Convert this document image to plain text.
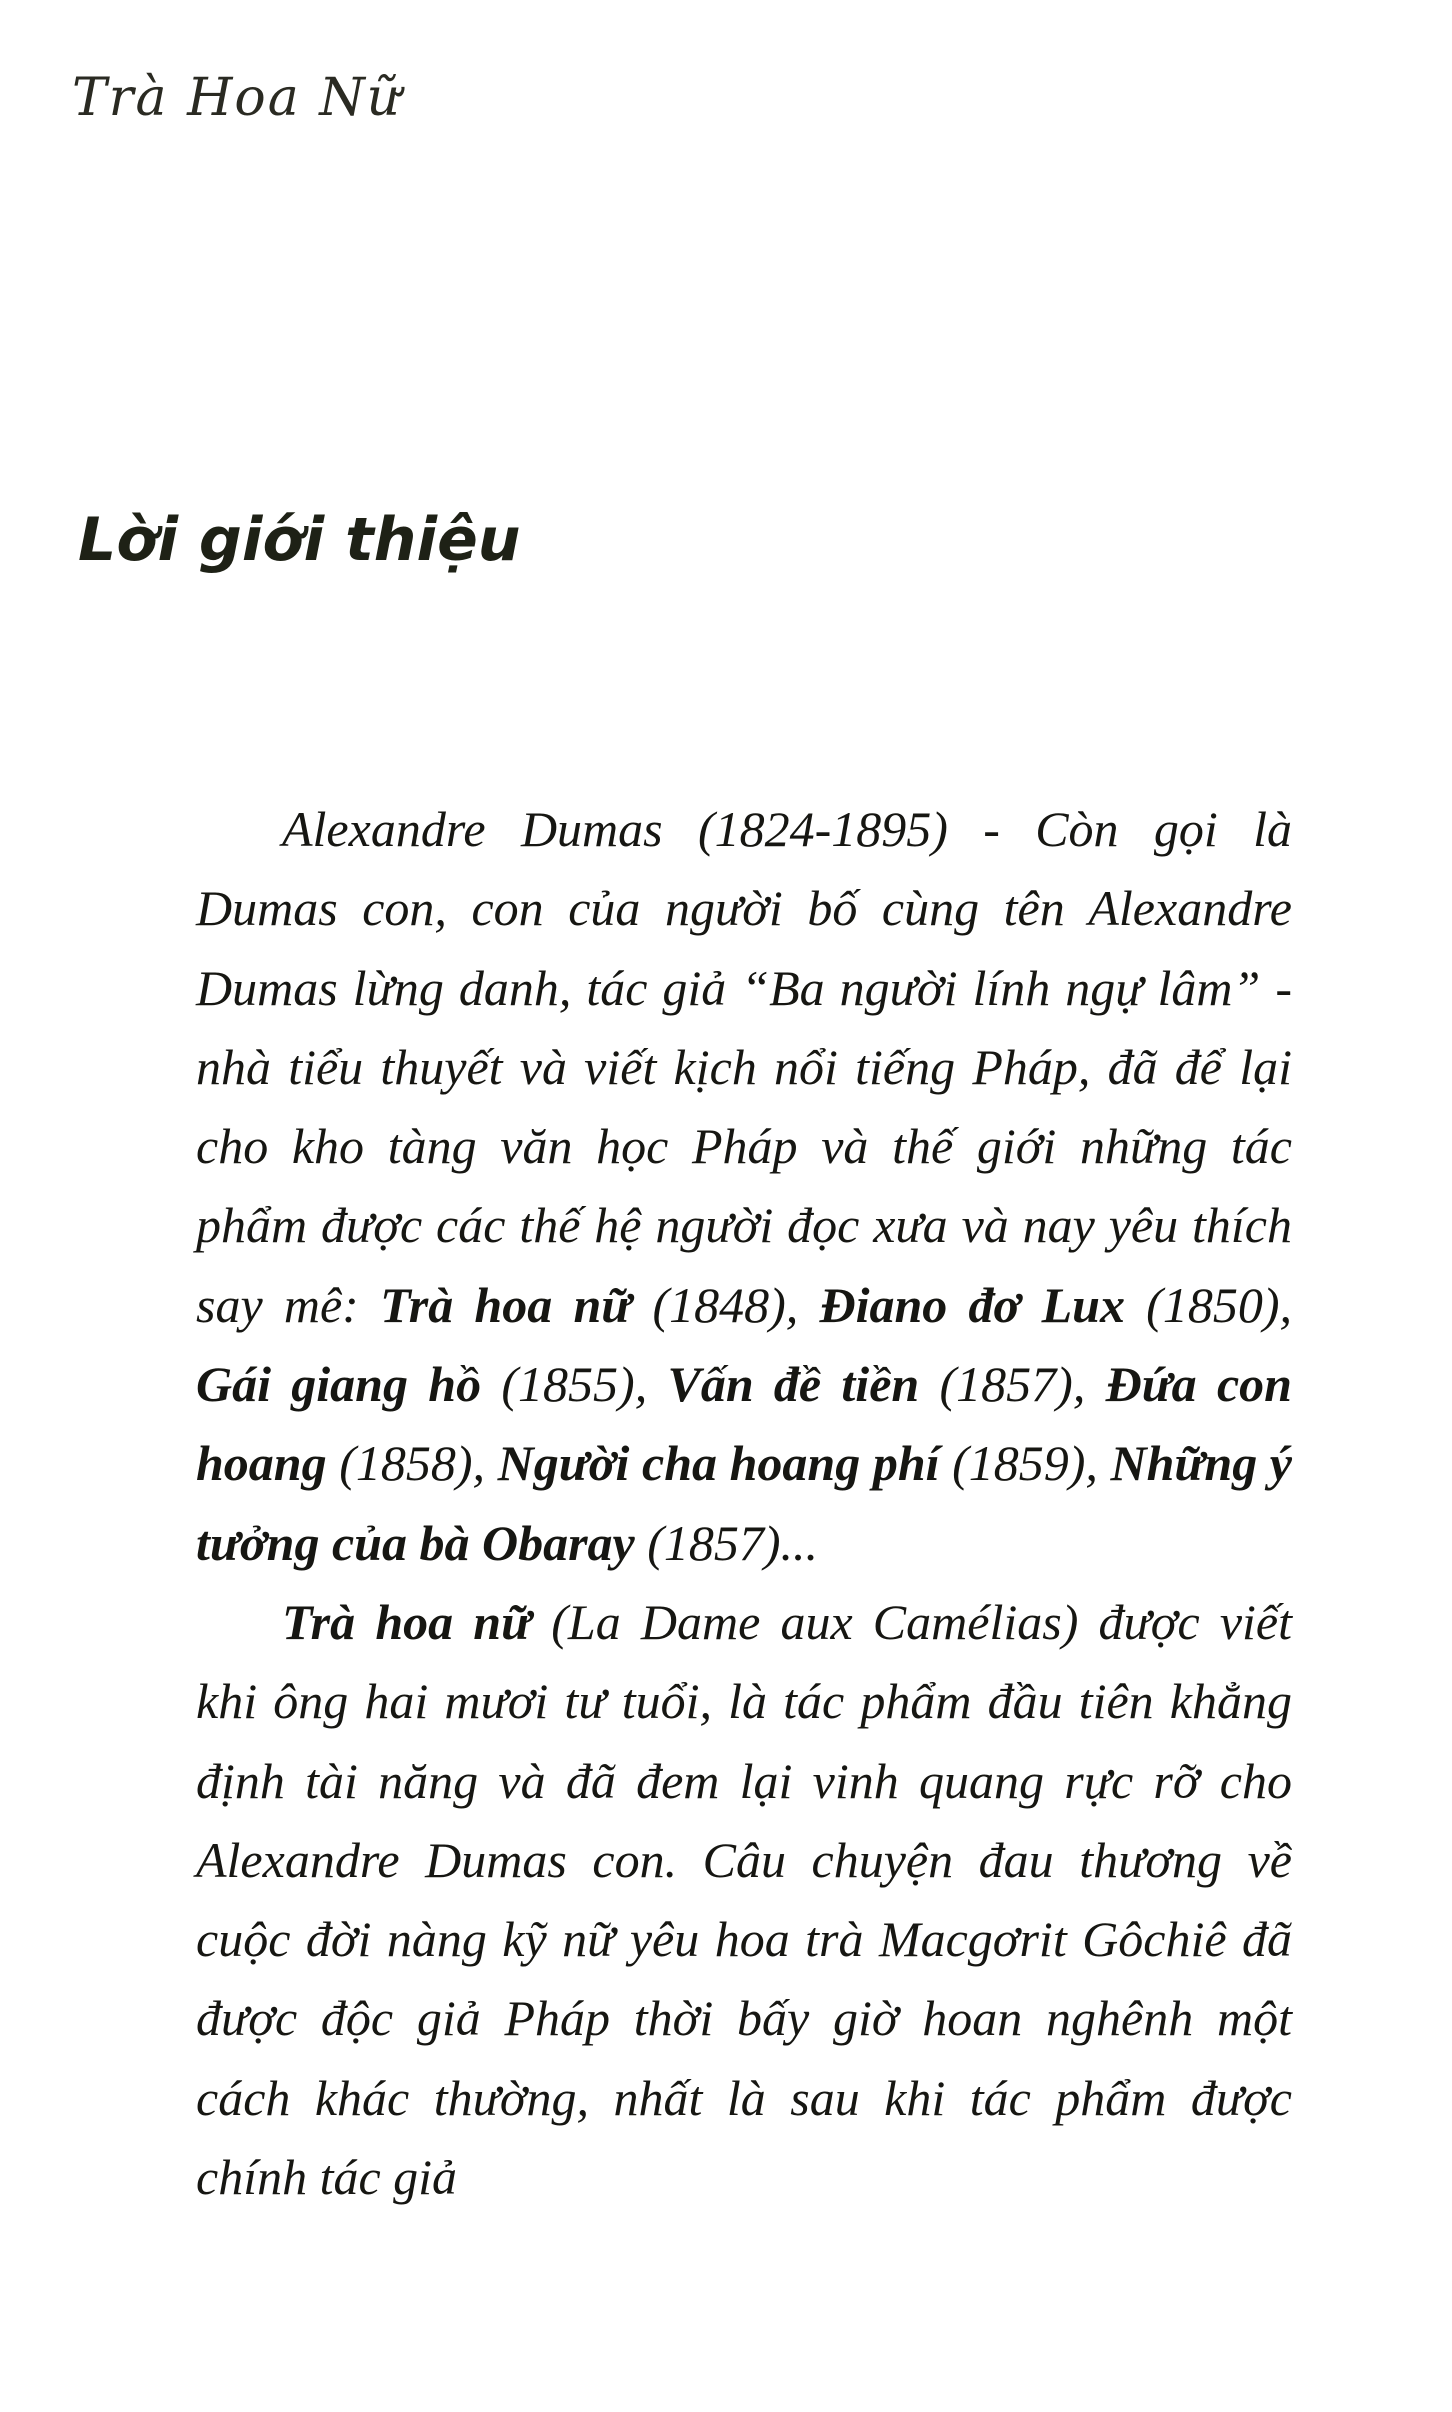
Trà Hoa Nữ
Lời giới thiệu

Alexandre Dumas (1824-1895) - Còn gọi là Dumas con, con của người bố cùng tên Alexandre Dumas lừng danh, tác giả “Ba người lính ngự lâm” - nhà tiểu thuyết và viết kịch nổi tiếng Pháp, đã để lại cho kho tàng văn học Pháp và thế giới những tác phẩm được các thế hệ người đọc xưa và nay yêu thích say mê: Trà hoa nữ (1848), Điano đơ Lux (1850), Gái giang hồ (1855), Vấn đề tiền (1857), Đứa con hoang (1858), Người cha hoang phí (1859), Những ý tưởng của bà Obaray (1857)...

Trà hoa nữ (La Dame aux Camélias) được viết khi ông hai mươi tư tuổi, là tác phẩm đầu tiên khẳng định tài năng và đã đem lại vinh quang rực rỡ cho Alexandre Dumas con. Câu chuyện đau thương về cuộc đời nàng kỹ nữ yêu hoa trà Macgơrit Gôchiê đã được độc giả Pháp thời bấy giờ hoan nghênh một cách khác thường, nhất là sau khi tác phẩm được chính tác giả
